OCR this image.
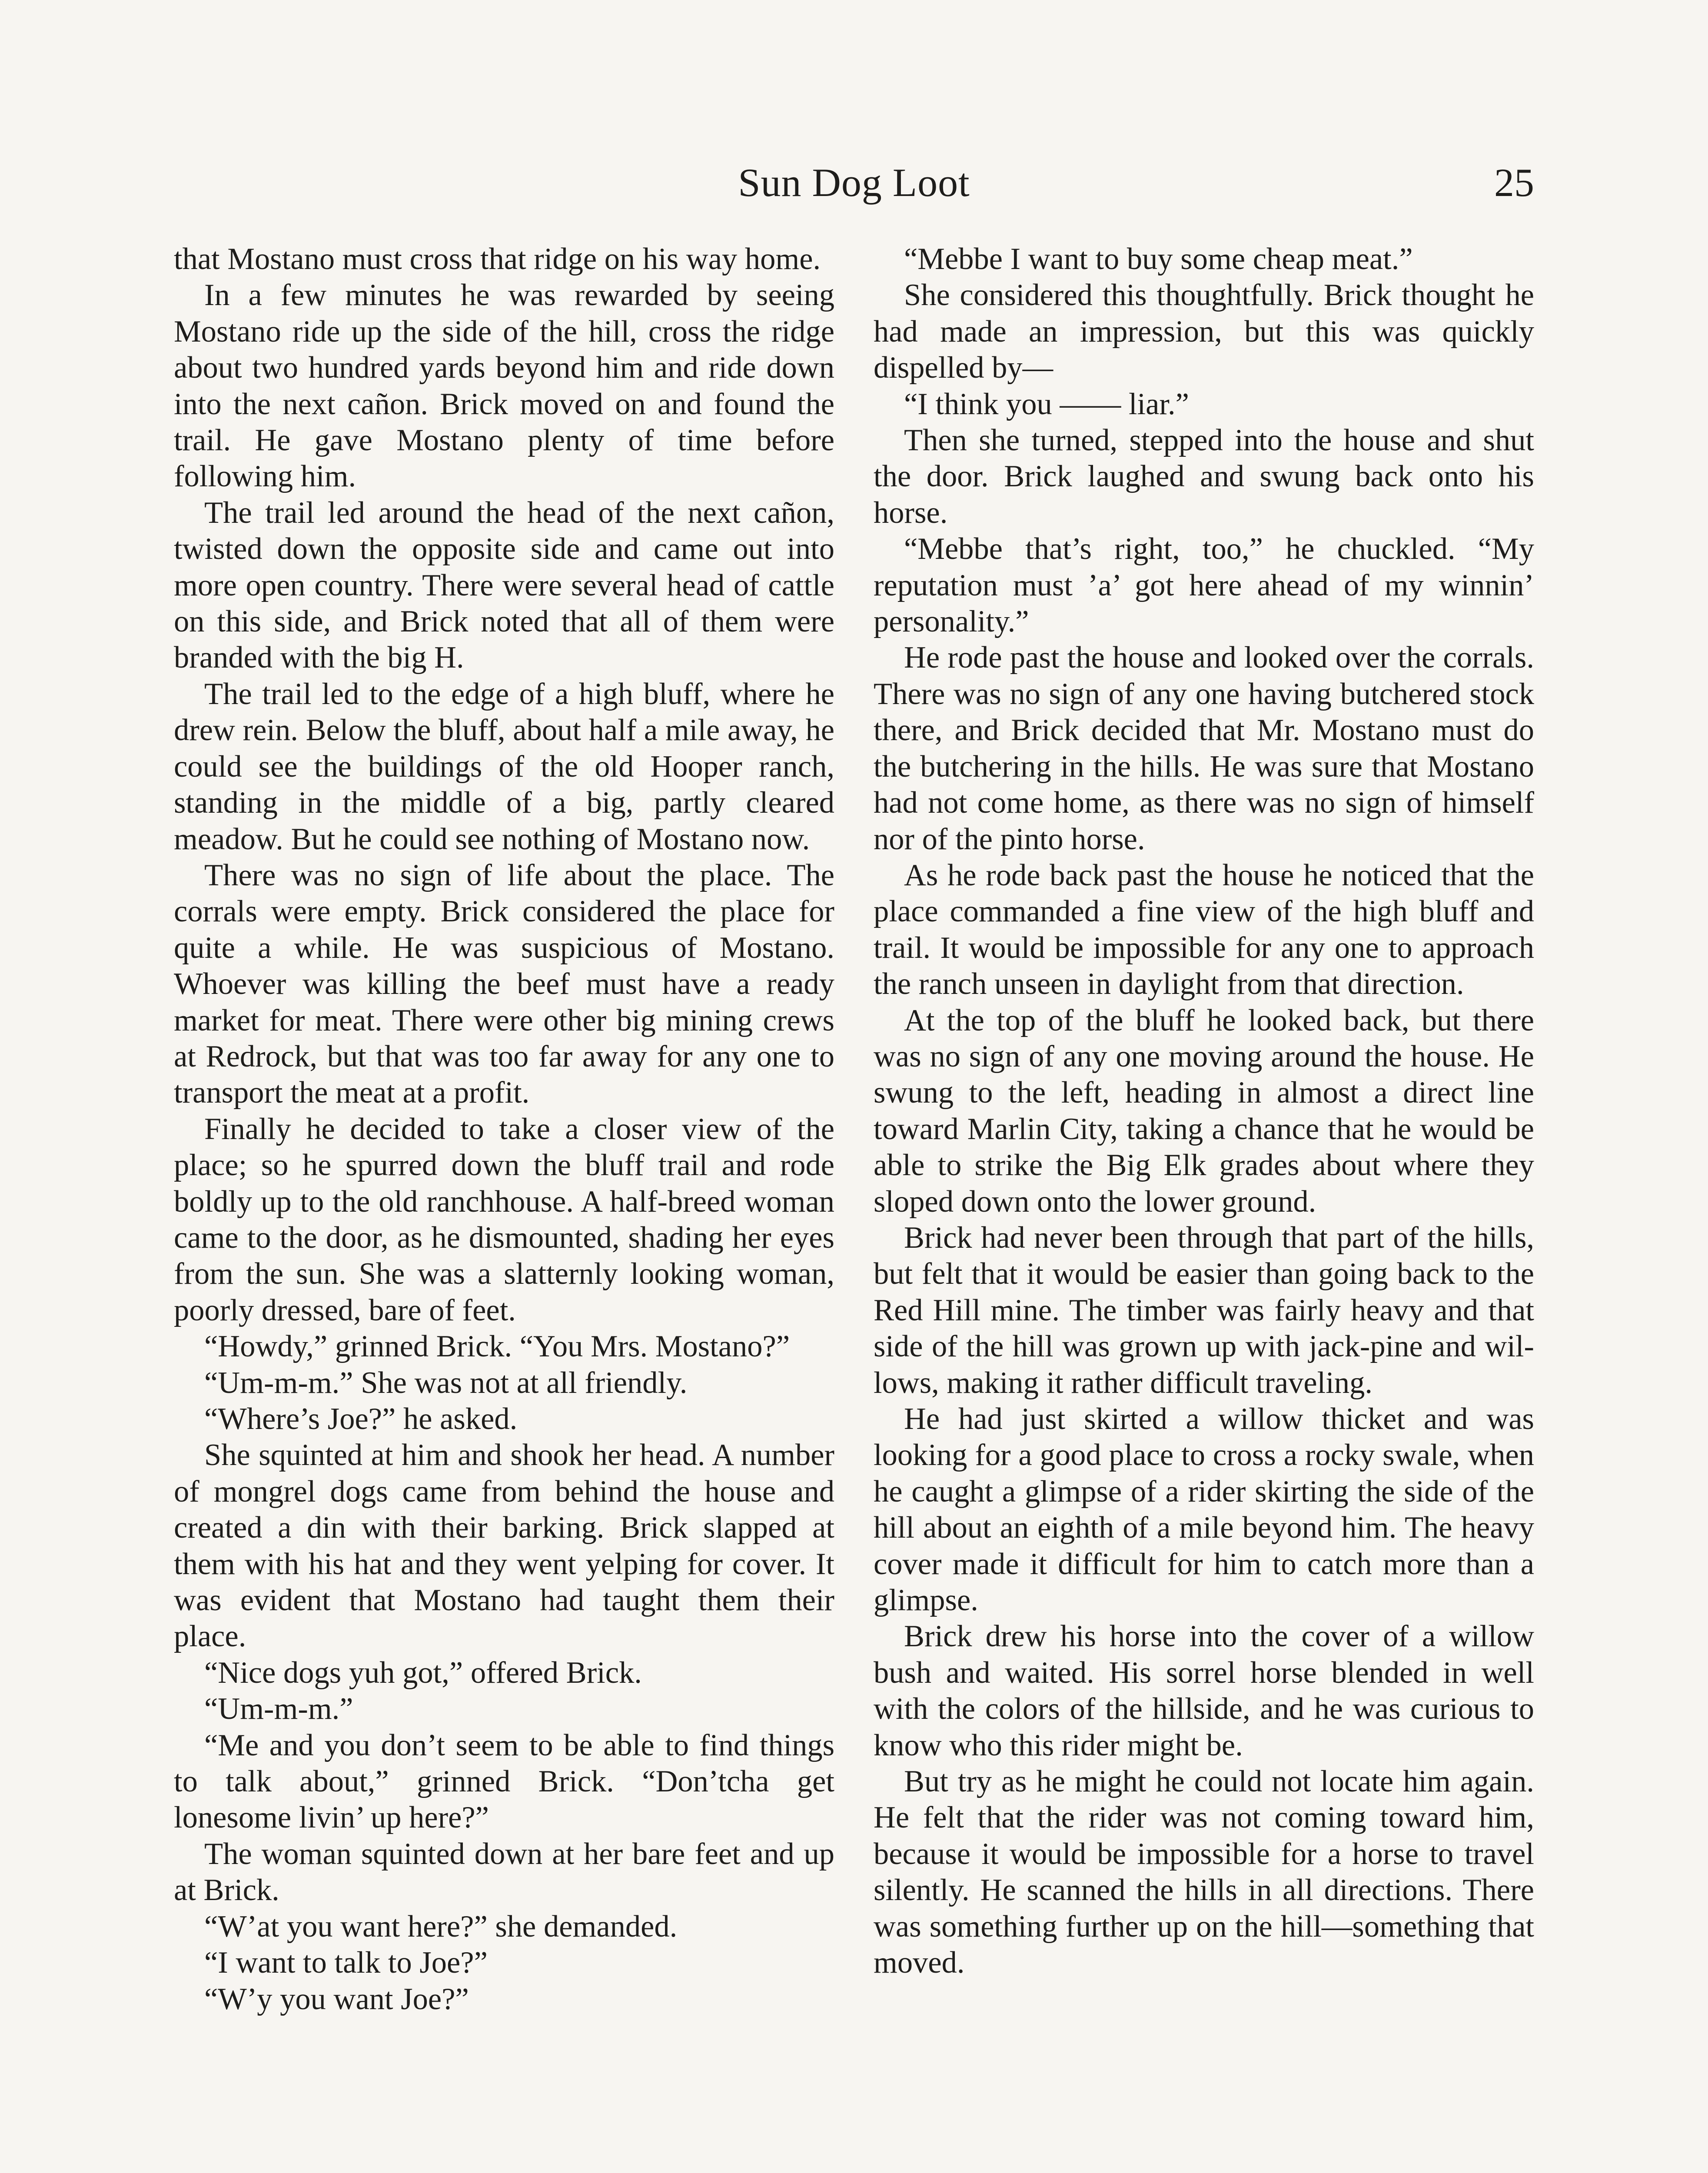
Sun Dog Loot	25

that Mostano must cross that ridge on his way home.

In a few minutes he was rewarded by seeing Mostano ride up the side of the hill, cross the ridge about two hundred yards beyond him and ride down into the next cañon. Brick moved on and found the trail. He gave Mostano plenty of time before following him.

The trail led around the head of the next cañon, twisted down the opposite side and came out into more open country. There were several head of cattle on this side, and Brick noted that all of them were branded with the big H.

The trail led to the edge of a high bluff, where he drew rein. Below the bluff, about half a mile away, he could see the buildings of the old Hooper ranch, standing in the middle of a big, partly cleared meadow. But he could see nothing of Mostano now.

There was no sign of life about the place. The corrals were empty. Brick considered the place for quite a while. He was suspicious of Mostano. Whoever was killing the beef must have a ready market for meat. There were other big mining crews at Redrock, but that was too far away for any one to transport the meat at a profit.

Finally he decided to take a closer view of the place; so he spurred down the bluff trail and rode boldly up to the old ranchhouse. A half-breed woman came to the door, as he dismounted, shading her eyes from the sun. She was a slatternly looking woman, poorly dressed, bare of feet.

“Howdy,” grinned Brick. “You Mrs. Mostano?”

“Um-m-m.” She was not at all friendly.

“Where’s Joe?” he asked.

She squinted at him and shook her head. A number of mongrel dogs came from behind the house and created a din with their barking. Brick slapped at them with his hat and they went yelping for cover. It was evident that Mostano had taught them their place.

“Nice dogs yuh got,” offered Brick.

“Um-m-m.”

“Me and you don’t seem to be able to find things to talk about,” grinned Brick. “Don’tcha get lonesome livin’ up here?”

The woman squinted down at her bare feet and up at Brick.

“W’at you want here?” she demanded.

“I want to talk to Joe?”

“W’y you want Joe?”

“Mebbe I want to buy some cheap meat.”

She considered this thoughtfully. Brick thought he had made an impression, but this was quickly dispelled by—

“I think you —— liar.”

Then she turned, stepped into the house and shut the door. Brick laughed and swung back onto his horse.

“Mebbe that’s right, too,” he chuckled. “My reputation must ’a’ got here ahead of my winnin’ personality.”

He rode past the house and looked over the corrals. There was no sign of any one having butchered stock there, and Brick decided that Mr. Mostano must do the butchering in the hills. He was sure that Mostano had not come home, as there was no sign of himself nor of the pinto horse.

As he rode back past the house he noticed that the place commanded a fine view of the high bluff and trail. It would be impossible for any one to approach the ranch unseen in daylight from that direction.

At the top of the bluff he looked back, but there was no sign of any one moving around the house. He swung to the left, heading in almost a direct line toward Marlin City, taking a chance that he would be able to strike the Big Elk grades about where they sloped down onto the lower ground.

Brick had never been through that part of the hills, but felt that it would be easier than going back to the Red Hill mine. The timber was fairly heavy and that side of the hill was grown up with jack-pine and willows, making it rather difficult traveling.

He had just skirted a willow thicket and was looking for a good place to cross a rocky swale, when he caught a glimpse of a rider skirting the side of the hill about an eighth of a mile beyond him. The heavy cover made it difficult for him to catch more than a glimpse.

Brick drew his horse into the cover of a willow bush and waited. His sorrel horse blended in well with the colors of the hillside, and he was curious to know who this rider might be.

But try as he might he could not locate him again. He felt that the rider was not coming toward him, because it would be impossible for a horse to travel silently. He scanned the hills in all directions. There was something further up on the hill—something that moved.
